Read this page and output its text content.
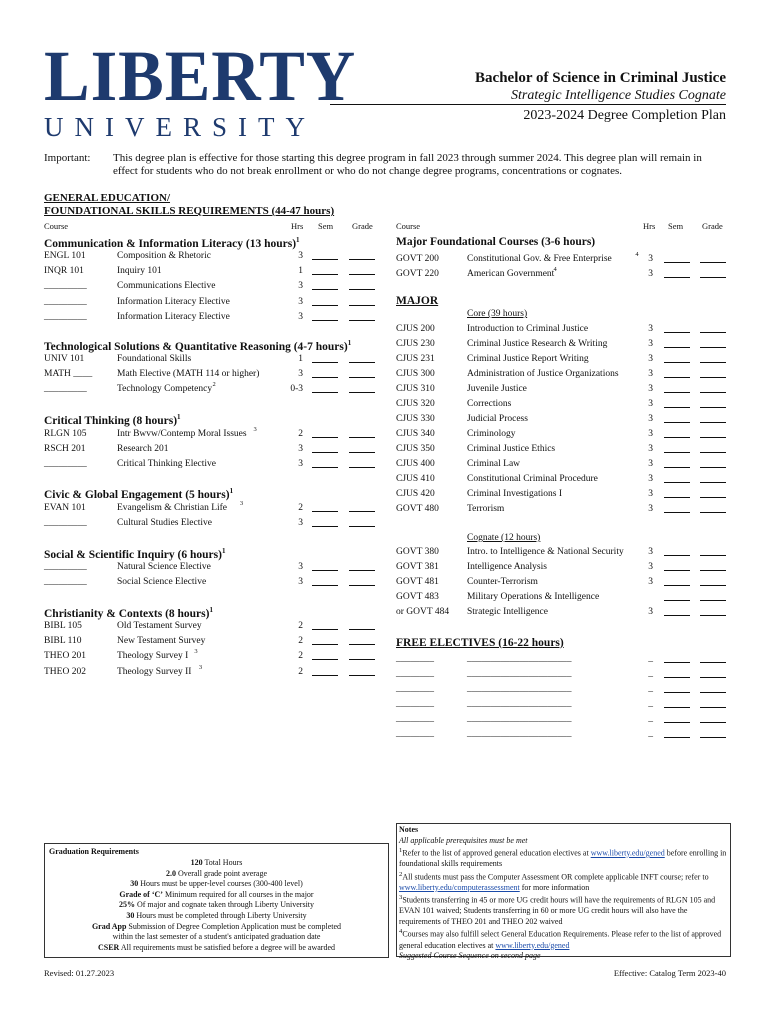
LIBERTY
UNIVERSITY
Bachelor of Science in Criminal Justice
Strategic Intelligence Studies Cognate
2023-2024 Degree Completion Plan
Important: This degree plan is effective for those starting this degree program in fall 2023 through summer 2024. This degree plan will remain in effect for students who do not break enrollment or who do not change degree programs, concentrations or cognates.
GENERAL EDUCATION/
FOUNDATIONAL SKILLS REQUIREMENTS (44-47 hours)
Course	Hrs Sem Grade	Course	Hrs Sem Grade
Communication & Information Literacy (13 hours)$^1$
ENGL 101	Composition & Rhetoric	3
INQR 101	Inquiry 101	1
_________	Communications Elective	3
_________	Information Literacy Elective	3
_________	Information Literacy Elective	3
Technological Solutions & Quantitative Reasoning (4-7 hours)$^1$
UNIV 101	Foundational Skills	1
MATH ____	Math Elective (MATH 114 or higher)	3
_________	Technology Competency 2	0-3
Critical Thinking (8 hours)$^1$
RLGN 105	Intr Bwvw/Contemp Moral Issues 3	2
RSCH 201	Research 201	3
_________	Critical Thinking Elective	3
Civic & Global Engagement (5 hours)$^1$
EVAN 101	Evangelism & Christian Life 3	2
_________	Cultural Studies Elective	3
Social & Scientific Inquiry (6 hours)$^1$
_________	Natural Science Elective	3
_________	Social Science Elective	3
Christianity & Contexts (8 hours)$^1$
BIBL 105	Old Testament Survey	2
BIBL 110	New Testament Survey	2
THEO 201	Theology Survey I 3	2
THEO 202	Theology Survey II 3	2
Major Foundational Courses (3-6 hours)
GOVT 200	Constitutional Gov. & Free Enterprise	4	3
GOVT 220	American Government 4	3
MAJOR
Core (39 hours)
CJUS 200	Introduction to Criminal Justice	3
CJUS 230	Criminal Justice Research & Writing	3
CJUS 231	Criminal Justice Report Writing	3
CJUS 300	Administration of Justice Organizations	3
CJUS 310	Juvenile Justice	3
CJUS 320	Corrections	3
CJUS 330	Judicial Process	3
CJUS 340	Criminology	3
CJUS 350	Criminal Justice Ethics	3
CJUS 400	Criminal Law	3
CJUS 410	Constitutional Criminal Procedure	3
CJUS 420	Criminal Investigations I	3
GOVT 480	Terrorism	3
Cognate (12 hours)
GOVT 380	Intro. to Intelligence & National Security	3
GOVT 381	Intelligence Analysis	3
GOVT 481	Counter-Terrorism	3
GOVT 483	Military Operations & Intelligence
or GOVT 484 Strategic Intelligence	3
FREE ELECTIVES (16-22 hours)
________	______________________	_
________	______________________	_
________	______________________	_
________	______________________	_
________	______________________	_
________	______________________	_
Graduation Requirements
120 Total Hours
2.0 Overall grade point average
30 Hours must be upper-level courses (300-400 level)
Grade of ‘C’ Minimum required for all courses in the major
25% Of major and cognate taken through Liberty University
30 Hours must be completed through Liberty University
Grad App Submission of Degree Completion Application must be completed
within the last semester of a student's anticipated graduation date
CSER All requirements must be satisfied before a degree will be awarded
Notes
All applicable prerequisites must be met
$^1$Refer to the list of approved general education electives at www.liberty.edu/gened before enrolling in foundational skills requirements
$^2$All students must pass the Computer Assessment OR complete applicable INFT course; refer to www.liberty.edu/computerassessment for more information
$^3$Students transferring in 45 or more UG credit hours will have the requirements of RLGN 105 and EVAN 101 waived; Students transferring in 60 or more UG credit hours will also have the requirements of THEO 201 and THEO 202 waived
$^4$Courses may also fulfill select General Education Requirements. Please refer to the list of approved general education electives at www.liberty.edu/gened
Suggested Course Sequence on second page
Revised: 01.27.2023	Effective: Catalog Term 2023-40
